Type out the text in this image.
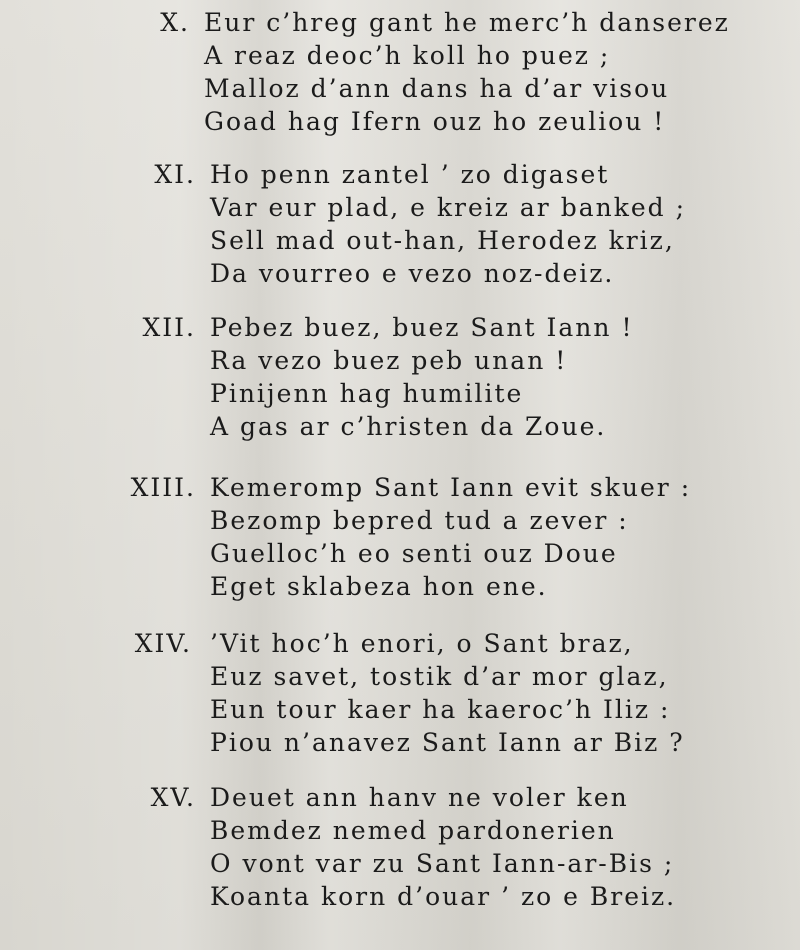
X. Eur c’hreg gant he merc’h danserez
A reaz deoc’h koll ho puez ;
Malloz d’ann dans ha d’ar visou
Goad hag Ifern ouz ho zeuliou !
XI. Ho penn zantel ’ zo digaset
Var eur plad, e kreiz ar banked ;
Sell mad out-han, Herodez kriz,
Da vourreo e vezo noz-deiz.
XII. Pebez buez, buez Sant Iann !
Ra vezo buez peb unan !
Pinijenn hag humilite
A gas ar c’hristen da Zoue.
XIII. Kemeromp Sant Iann evit skuer :
Bezomp bepred tud a zever :
Guelloc’h eo senti ouz Doue
Eget sklabeza hon ene.
XIV. ’Vit hoc’h enori, o Sant braz,
Euz savet, tostik d’ar mor glaz,
Eun tour kaer ha kaeroc’h Iliz :
Piou n’anavez Sant Iann ar Biz ?
XV. Deuet ann hanv ne voler ken
Bemdez nemed pardonerien
O vont var zu Sant Iann-ar-Bis ;
Koanta korn d’ouar ’ zo e Breiz.
